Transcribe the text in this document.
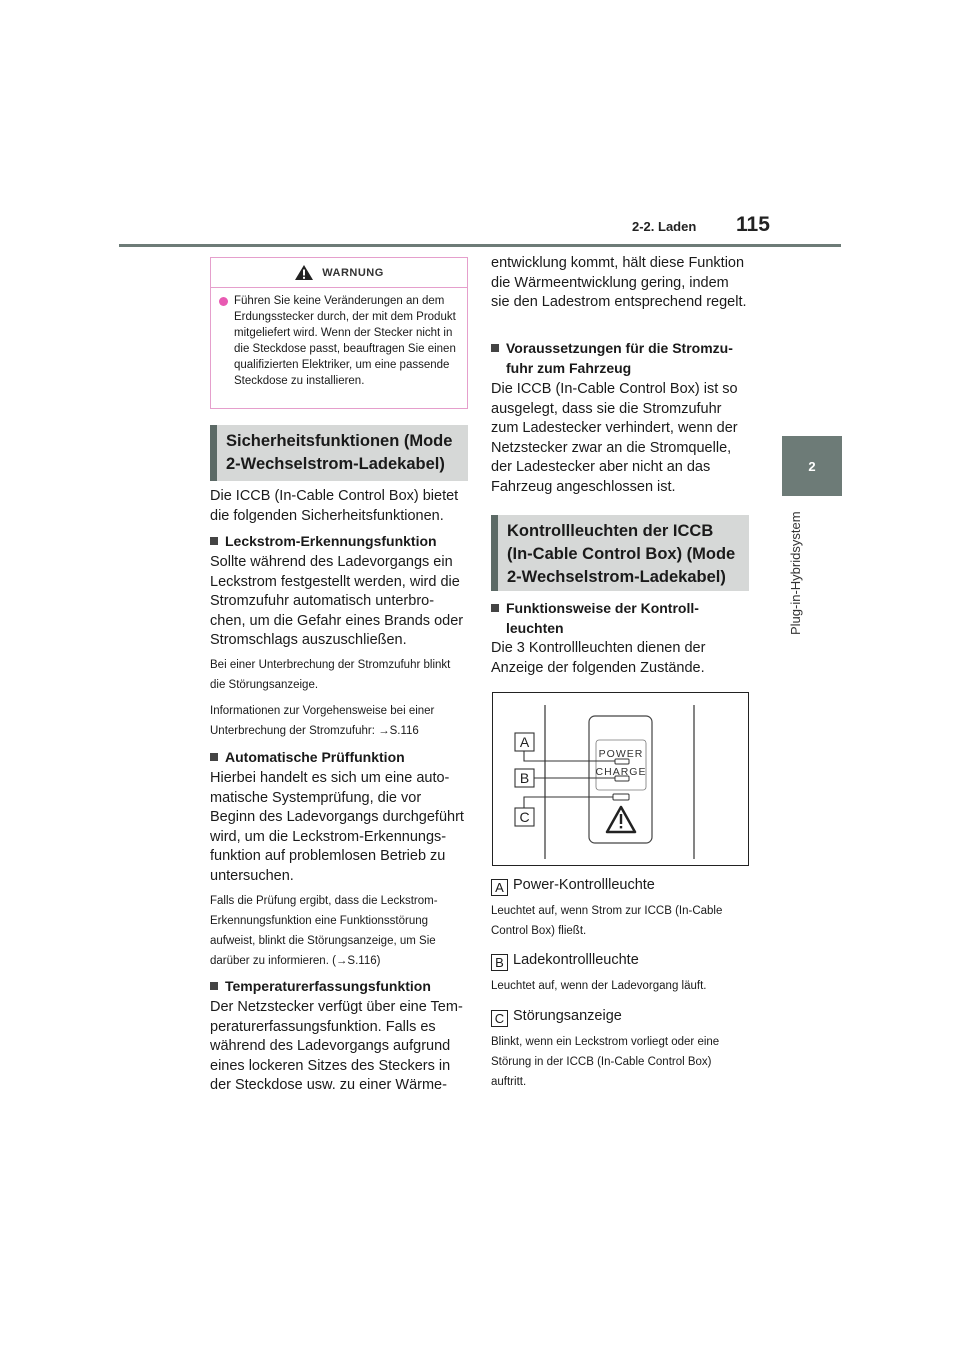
2-2. Laden 115
2
Plug-in-Hybridsystem
WARNUNG
Führen Sie keine Veränderungen an dem Erdungsstecker durch, der mit dem Produkt mitgeliefert wird. Wenn der Stecker nicht in die Steckdose passt, beauftragen Sie einen qualifizierten Elektriker, um eine passende Steckdose zu installieren.
Sicherheitsfunktionen (Mode 2-Wechselstrom-Ladekabel)
Die ICCB (In-Cable Control Box) bietet die folgenden Sicherheitsfunktionen.
Leckstrom-Erkennungsfunktion
Sollte während des Ladevorgangs ein Leckstrom festgestellt werden, wird die Stromzufuhr automatisch unterbro-chen, um die Gefahr eines Brands oder Stromschlags auszuschließen.
Bei einer Unterbrechung der Stromzufuhr blinkt die Störungsanzeige.
Informationen zur Vorgehensweise bei einer Unterbrechung der Stromzufuhr: →S.116
Automatische Prüffunktion
Hierbei handelt es sich um eine auto-matische Systemprüfung, die vor Beginn des Ladevorgangs durchgeführt wird, um die Leckstrom-Erkennungs-funktion auf problemlosen Betrieb zu untersuchen.
Falls die Prüfung ergibt, dass die Leckstrom-Erkennungsfunktion eine Funktionsstörung aufweist, blinkt die Störungsanzeige, um Sie darüber zu informieren. (→S.116)
Temperaturerfassungsfunktion
Der Netzstecker verfügt über eine Tem-peraturerfassungsfunktion. Falls es während des Ladevorgangs aufgrund eines lockeren Sitzes des Steckers in der Steckdose usw. zu einer Wärme-
entwicklung kommt, hält diese Funktion die Wärmeentwicklung gering, indem sie den Ladestrom entsprechend regelt.
Voraussetzungen für die Stromzu-fuhr zum Fahrzeug
Die ICCB (In-Cable Control Box) ist so ausgelegt, dass sie die Stromzufuhr zum Ladestecker verhindert, wenn der Netzstecker zwar an die Stromquelle, der Ladestecker aber nicht an das Fahrzeug angeschlossen ist.
Kontrollleuchten der ICCB (In-Cable Control Box) (Mode 2-Wechselstrom-Ladekabel)
Funktionsweise der Kontroll-leuchten
Die 3 Kontrollleuchten dienen der Anzeige der folgenden Zustände.
A
B
C
POWER
CHARGE
A Power-Kontrollleuchte
Leuchtet auf, wenn Strom zur ICCB (In-Cable Control Box) fließt.
B Ladekontrollleuchte
Leuchtet auf, wenn der Ladevorgang läuft.
C Störungsanzeige
Blinkt, wenn ein Leckstrom vorliegt oder eine Störung in der ICCB (In-Cable Control Box) auftritt.
